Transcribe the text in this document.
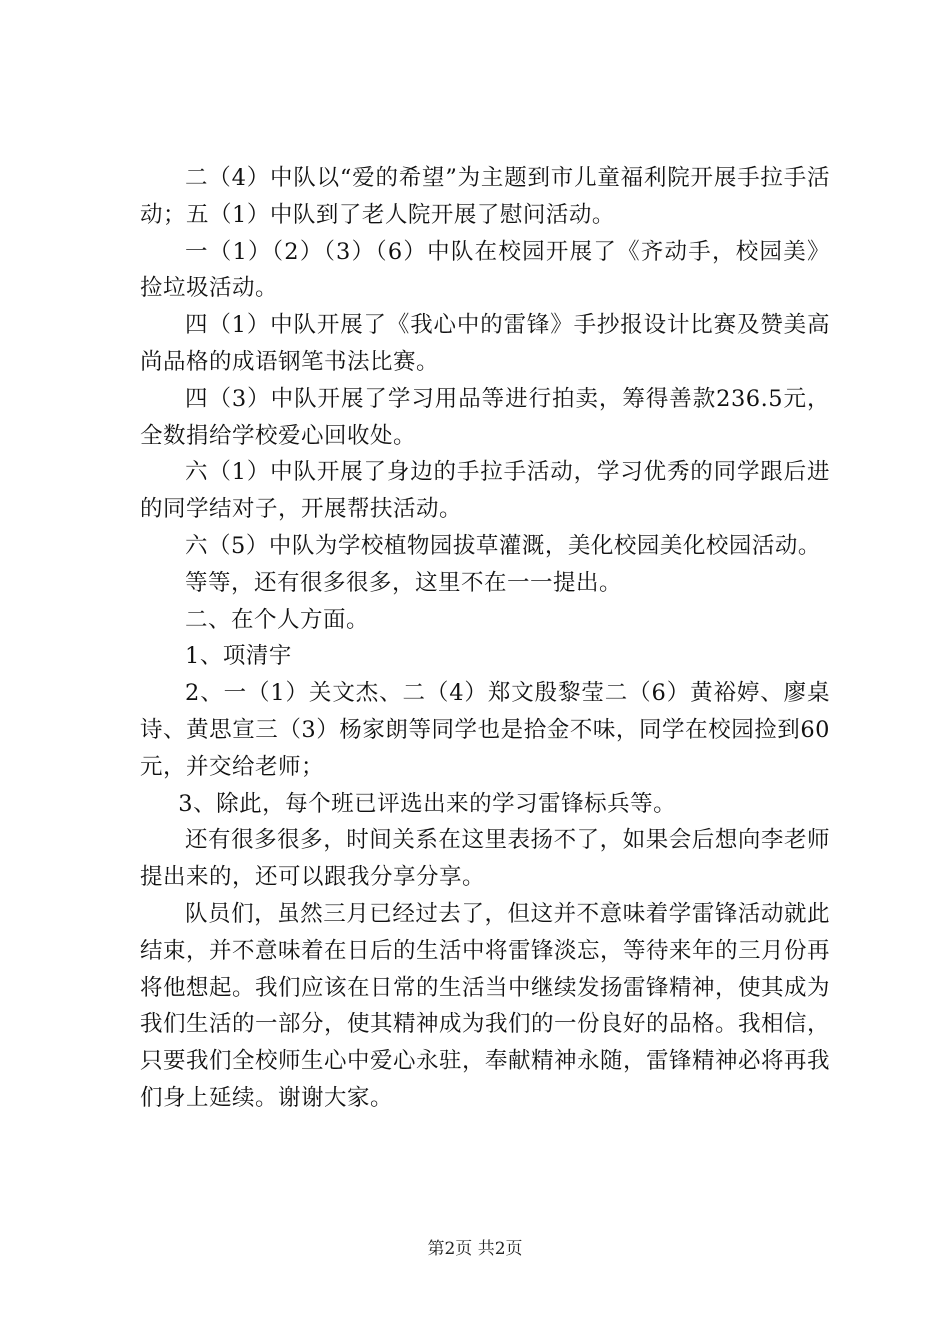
二（4）中队以“爱的希望”为主题到市儿童福利院开展手拉手活动；五（1）中队到了老人院开展了慰问活动。

一（1）（2）（3）（6）中队在校园开展了《齐动手，校园美》捡垃圾活动。

四（1）中队开展了《我心中的雷锋》手抄报设计比赛及赞美高尚品格的成语钢笔书法比赛。

四（3）中队开展了学习用品等进行拍卖，筹得善款236.5元，全数捐给学校爱心回收处。

六（1）中队开展了身边的手拉手活动，学习优秀的同学跟后进的同学结对子，开展帮扶活动。

六（5）中队为学校植物园拔草灌溉，美化校园美化校园活动。

等等，还有很多很多，这里不在一一提出。

二、在个人方面。

1、项清宇

2、一（1）关文杰、二（4）郑文殷黎莹二（6）黄裕婷、廖桌诗、黄思宣三（3）杨家朗等同学也是拾金不味，同学在校园捡到60元，并交给老师；

3、除此，每个班已评选出来的学习雷锋标兵等。

还有很多很多，时间关系在这里表扬不了，如果会后想向李老师提出来的，还可以跟我分享分享。

队员们，虽然三月已经过去了，但这并不意味着学雷锋活动就此结束，并不意味着在日后的生活中将雷锋淡忘，等待来年的三月份再将他想起。我们应该在日常的生活当中继续发扬雷锋精神，使其成为我们生活的一部分，使其精神成为我们的一份良好的品格。我相信，只要我们全校师生心中爱心永驻，奉献精神永随，雷锋精神必将再我们身上延续。谢谢大家。

第2页 共2页
